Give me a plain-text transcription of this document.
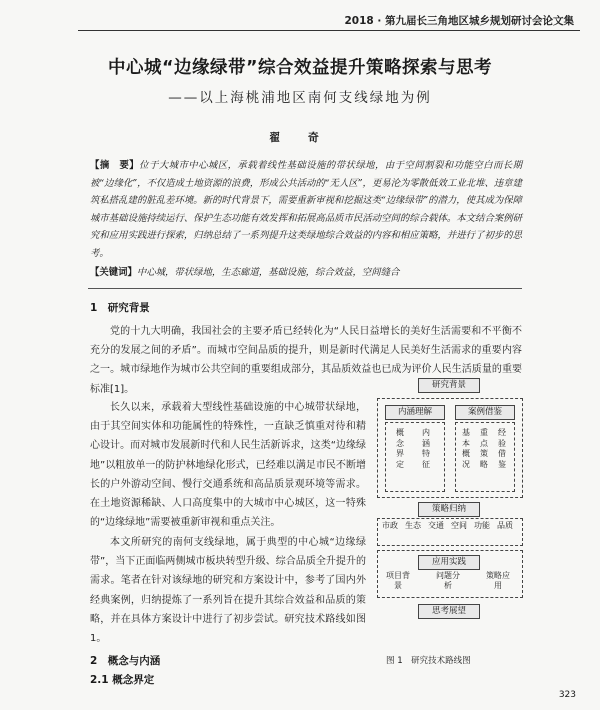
2018 · 第九届长三角地区城乡规划研讨会论文集
中心城“边缘绿带”综合效益提升策略探索与思考
——以上海桃浦地区南何支线绿地为例
翟 奇
【摘　要】位于大城市中心城区，承载着线性基础设施的带状绿地，由于空间割裂和功能空白而长期被“边缘化”，不仅造成土地资源的浪费，形成公共活动的“无人区”，更易沦为零散低效工业北堆、违章建筑私搭乱建的脏乱差环境。新的时代背景下，需要重新审视和挖掘这类“边缘绿带”的潜力，使其成为保障城市基础设施持续运行、保护生态功能有效发挥和拓展高品质市民活动空间的综合载体。本文结合案例研究和应用实践进行探索，归纳总结了一系列提升这类绿地综合效益的内容和相应策略，并进行了初步的思考。
【关键词】中心城，带状绿地，生态廊道，基础设施，综合效益，空间缝合
1　研究背景
党的十九大明确，我国社会的主要矛盾已经转化为“人民日益增长的美好生活需要和不平衡不充分的发展之间的矛盾”。而城市空间品质的提升，则是新时代满足人民美好生活需求的重要内容之一。城市绿地作为城市公共空间的重要组成部分，其品质效益也已成为评价人民生活质量的重要标准[1]。
长久以来，承载着大型线性基础设施的中心城带状绿地，由于其空间实体和功能属性的特殊性，一直缺乏慎重对待和精心设计。而对城市发展新时代和人民生活新诉求，这类“边缘绿地”以粗放单一的防护林地绿化形式，已经难以满足市民不断增长的户外游动空间、慢行交通系统和高品质景观环境等需求。在土地资源稀缺、人口高度集中的大城市中心城区，这一特殊的“边缘绿地”需要被重新审视和重点关注。
本文所研究的南何支线绿地，属于典型的中心城“边缘绿带”，当下正面临两侧城市板块转型升级、综合品质全升提升的需求。笔者在针对该绿地的研究和方案设计中，参考了国内外经典案例，归纳提炼了一系列旨在提升其综合效益和品质的策略，并在具体方案设计中进行了初步尝试。研究技术路线如图 1。
2　概念与内涵
2.1 概念界定
研究背景
内涵理解	案例借鉴
概念界定
内涵特征
基本概况
重点策略
经验借鉴
策略归纳
市政 生态 交通 空间 功能 品质
应用实践
项目背景
问题分析
策略应用
思考展望
图 1　研究技术路线图
323
